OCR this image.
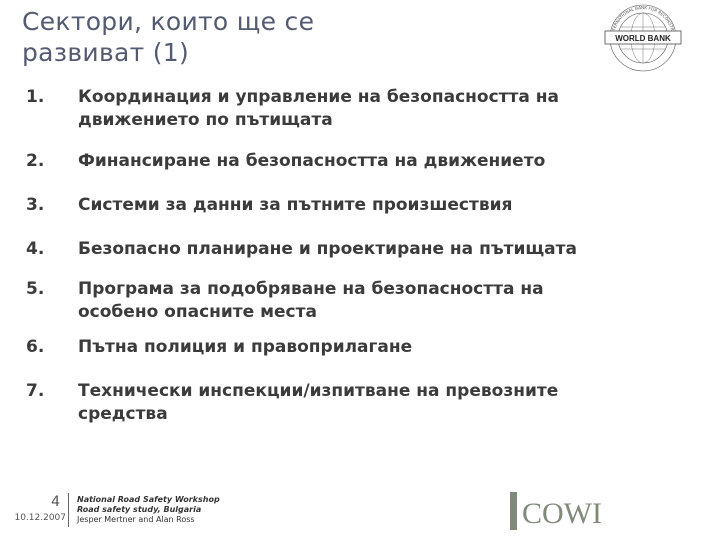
Сектори, които ще се
развиват (1)
TERNATIONAL BANK FOR RECONSTR
WORLD BANK
1.	Координация и управление на безопасността на
движението по пътищата
2.	Финансиране на безопасността на движението
3.	Системи за данни за пътните произшествия
4.	Безопасно планиране и проектиране на пътищата
5.	Програма за подобряване на безопасността на
особено опасните места
6.	Пътна полиция и правоприлагане
7.	Технически инспекции/изпитване на превозните
средства
4
10.12.2007
National Road Safety Workshop
Road safety study, Bulgaria
Jesper Mertner and Alan Ross	COWI
